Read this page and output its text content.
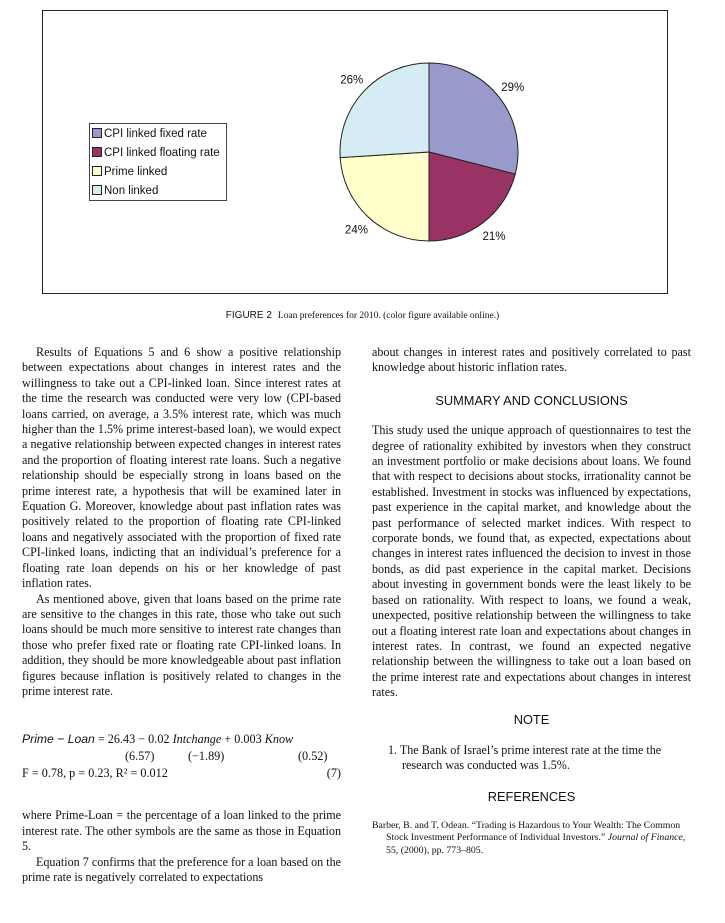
29%
21%
24%
26%
CPI linked fixed rate
CPI linked floating rate
Prime linked
Non linked
FIGURE 2 Loan preferences for 2010. (color figure available online.)

Results of Equations 5 and 6 show a positive relationship between expectations about changes in interest rates and the willingness to take out a CPI-linked loan. Since interest rates at the time the research was conducted were very low (CPI-based loans carried, on average, a 3.5% interest rate, which was much higher than the 1.5% prime interest-based loan), we would expect a negative relationship between expected changes in interest rates and the proportion of floating interest rate loans. Such a negative relationship should be especially strong in loans based on the prime interest rate, a hypothesis that will be examined later in Equation G. Moreover, knowledge about past inflation rates was positively related to the proportion of floating rate CPI-linked loans and negatively associated with the proportion of fixed rate CPI-linked loans, indicting that an individual’s preference for a floating rate loan depends on his or her knowledge of past inflation rates.

As mentioned above, given that loans based on the prime rate are sensitive to the changes in this rate, those who take out such loans should be much more sensitive to interest rate changes than those who prefer fixed rate or floating rate CPI-linked loans. In addition, they should be more knowledgeable about past inflation figures because inflation is positively related to changes in the prime interest rate.

Prime − Loan = 26.43 − 0.02 Intchange + 0.003 Know
(6.57)	(−1.89)	(0.52)
F = 0.78, p = 0.23, R² = 0.012	(7)

where Prime-Loan = the percentage of a loan linked to the prime interest rate. The other symbols are the same as those in Equation 5.

Equation 7 confirms that the preference for a loan based on the prime rate is negatively correlated to expectations

about changes in interest rates and positively correlated to past knowledge about historic inflation rates.

SUMMARY AND CONCLUSIONS

This study used the unique approach of questionnaires to test the degree of rationality exhibited by investors when they construct an investment portfolio or make decisions about loans. We found that with respect to decisions about stocks, irrationality cannot be established. Investment in stocks was influenced by expectations, past experience in the capital market, and knowledge about the past performance of selected market indices. With respect to corporate bonds, we found that, as expected, expectations about changes in interest rates influenced the decision to invest in those bonds, as did past experience in the capital market. Decisions about investing in government bonds were the least likely to be based on rationality. With respect to loans, we found a weak, unexpected, positive relationship between the willingness to take out a floating interest rate loan and expectations about changes in interest rates. In contrast, we found an expected negative relationship between the willingness to take out a loan based on the prime interest rate and expectations about changes in interest rates.

NOTE

1. The Bank of Israel’s prime interest rate at the time the research was conducted was 1.5%.

REFERENCES

Barber, B. and T. Odean. “Trading is Hazardous to Your Wealth: The Common Stock Investment Performance of Individual Investors.” Journal of Finance, 55, (2000), pp. 773–805.
